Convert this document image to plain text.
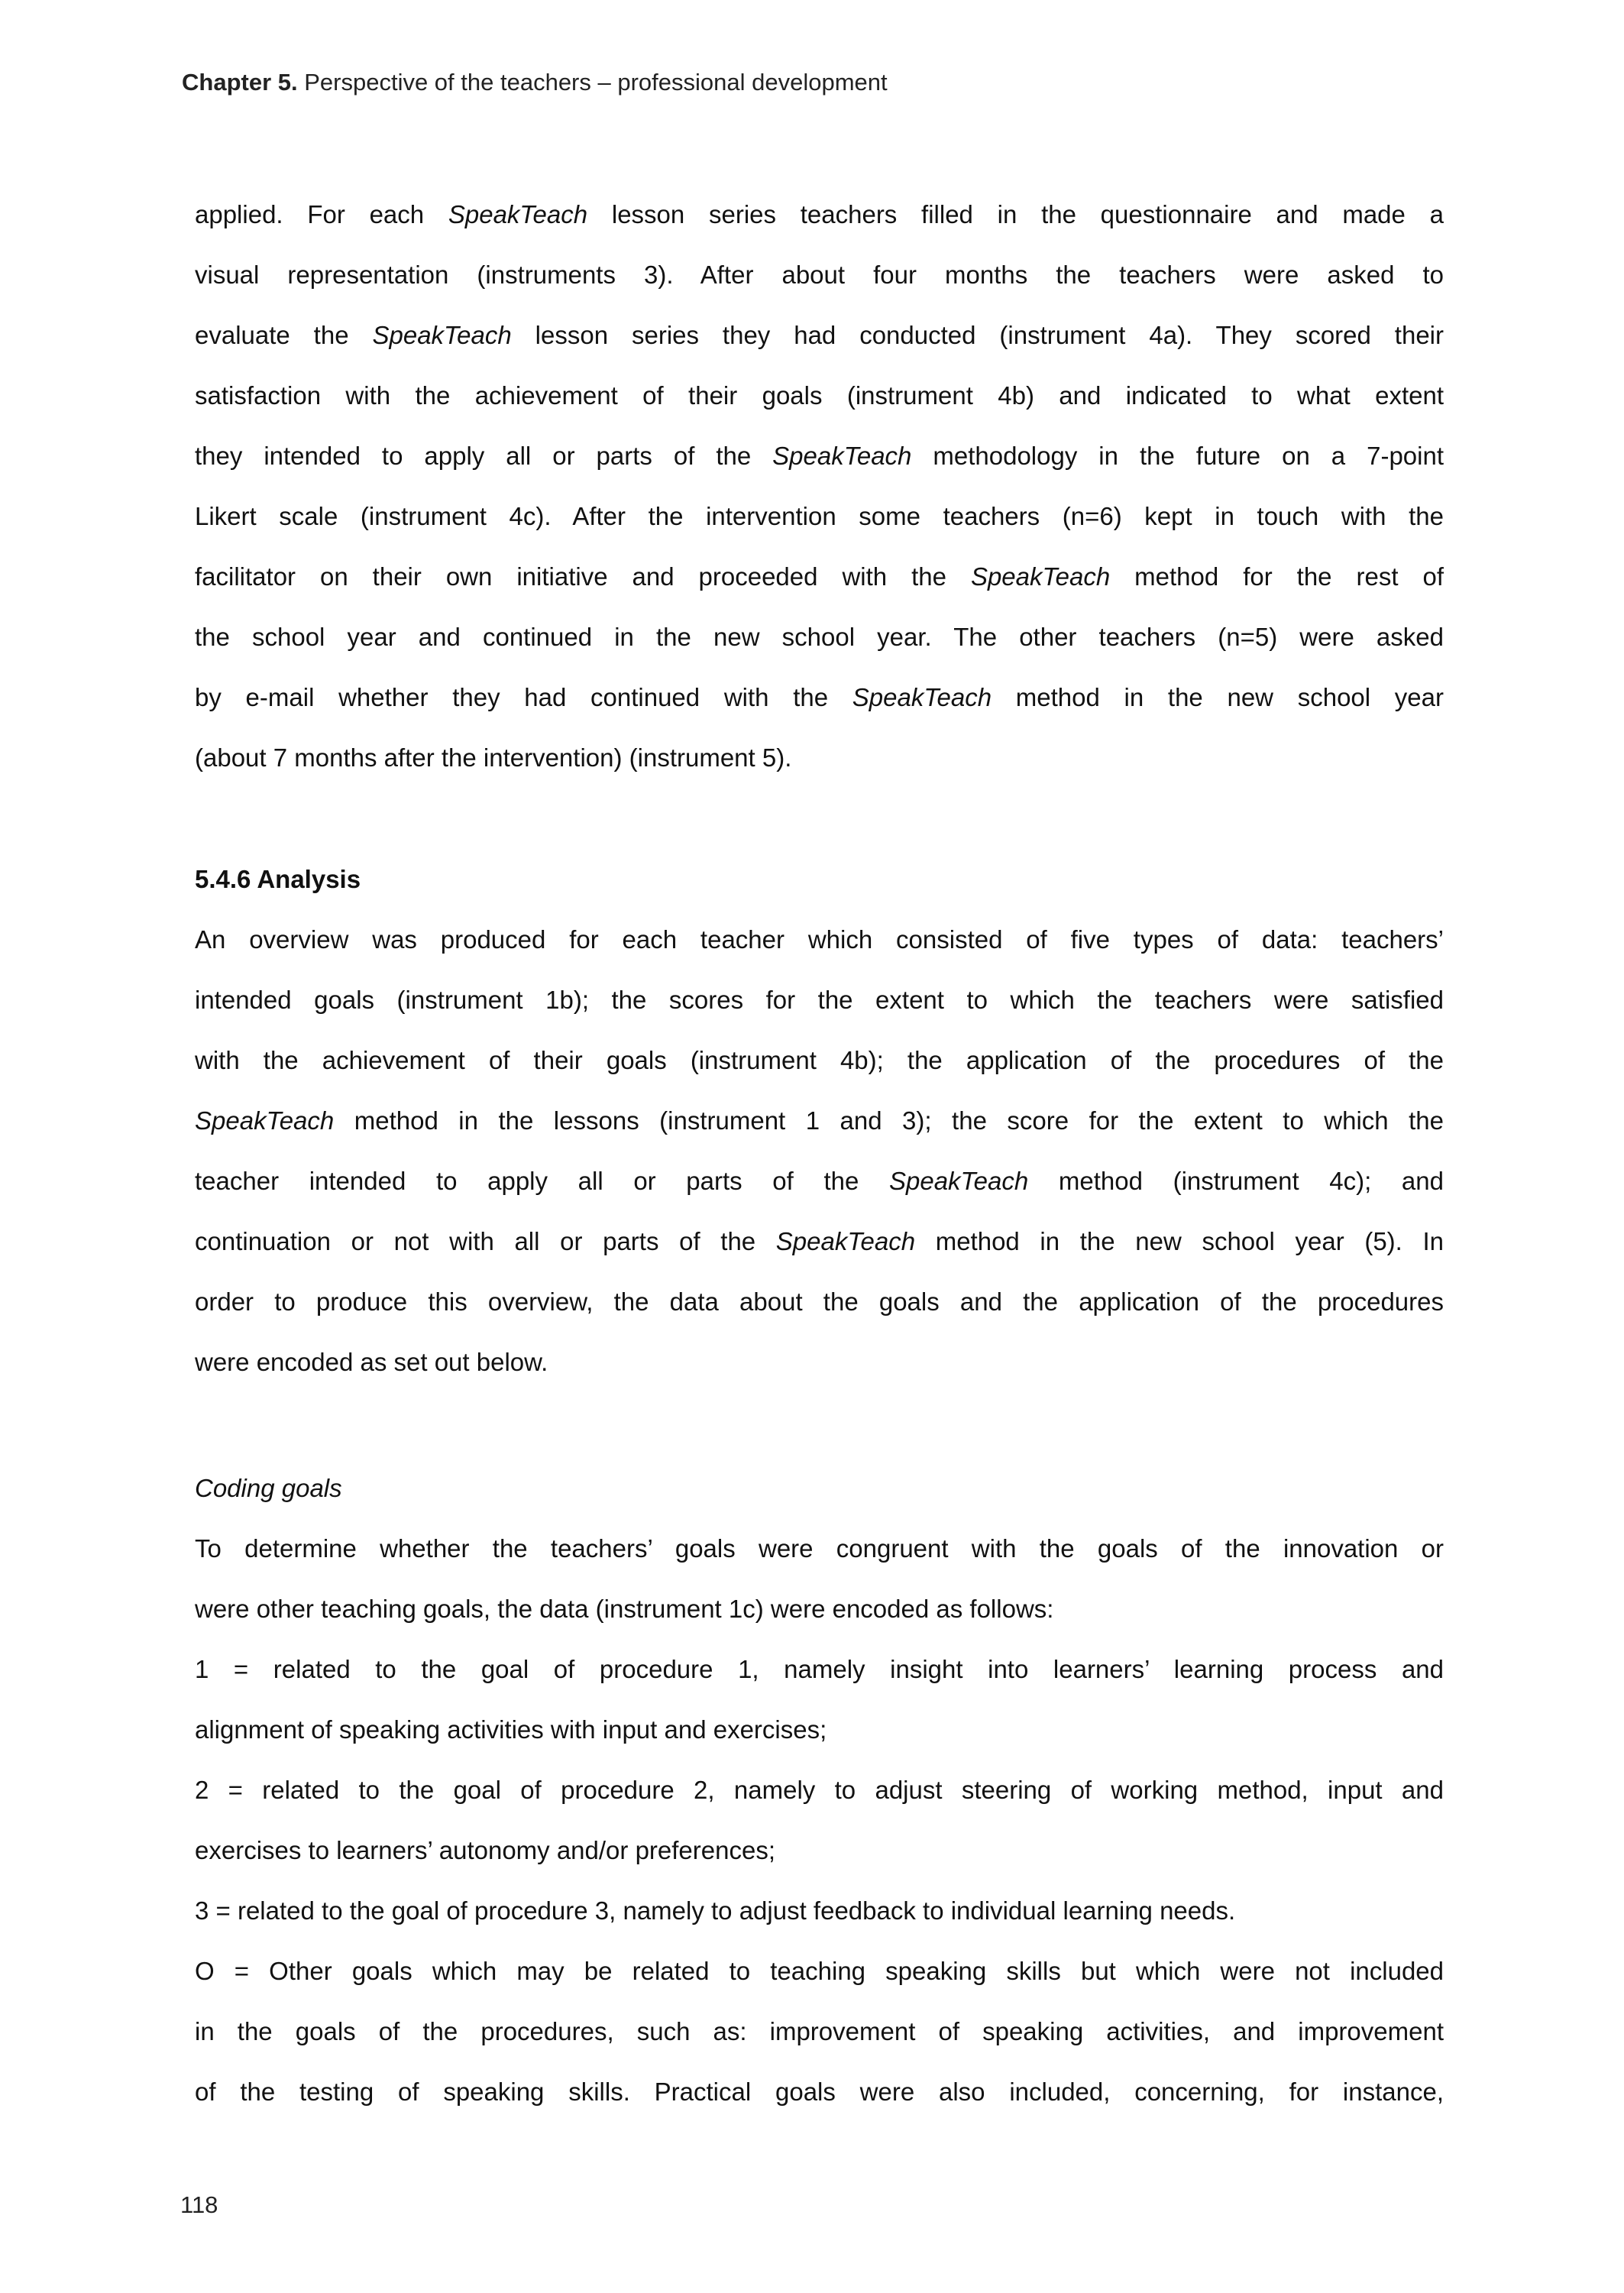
Chapter 5. Perspective of the teachers – professional development
applied. For each SpeakTeach lesson series teachers filled in the questionnaire and made a
visual representation (instruments 3). After about four months the teachers were asked to
evaluate the SpeakTeach lesson series they had conducted (instrument 4a). They scored their
satisfaction with the achievement of their goals (instrument 4b) and indicated to what extent
they intended to apply all or parts of the SpeakTeach methodology in the future on a 7-point
Likert scale (instrument 4c). After the intervention some teachers (n=6) kept in touch with the
facilitator on their own initiative and proceeded with the SpeakTeach method for the rest of
the school year and continued in the new school year. The other teachers (n=5) were asked
by e-mail whether they had continued with the SpeakTeach method in the new school year
(about 7 months after the intervention) (instrument 5).
5.4.6 Analysis
An overview was produced for each teacher which consisted of five types of data: teachers’
intended goals (instrument 1b); the scores for the extent to which the teachers were satisfied
with the achievement of their goals (instrument 4b); the application of the procedures of the
SpeakTeach method in the lessons (instrument 1 and 3); the score for the extent to which the
teacher intended to apply all or parts of the SpeakTeach method (instrument 4c); and
continuation or not with all or parts of the SpeakTeach method in the new school year (5). In
order to produce this overview, the data about the goals and the application of the procedures
were encoded as set out below.
Coding goals
To determine whether the teachers’ goals were congruent with the goals of the innovation or
were other teaching goals, the data (instrument 1c) were encoded as follows:
1 = related to the goal of procedure 1, namely insight into learners’ learning process and
alignment of speaking activities with input and exercises;
2 = related to the goal of procedure 2, namely to adjust steering of working method, input and
exercises to learners’ autonomy and/or preferences;
3 = related to the goal of procedure 3, namely to adjust feedback to individual learning needs.
O = Other goals which may be related to teaching speaking skills but which were not included
in the goals of the procedures, such as: improvement of speaking activities, and improvement
of the testing of speaking skills. Practical goals were also included, concerning, for instance,
118
